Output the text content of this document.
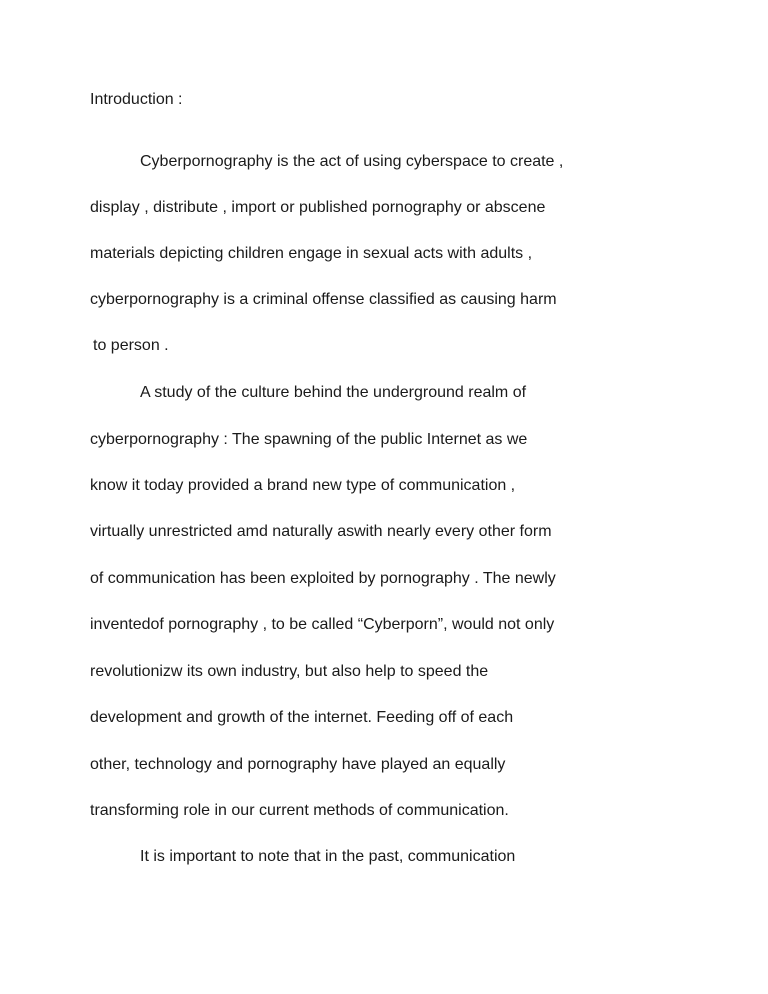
Introduction :

Cyberpornography is the act of using cyberspace to create ,

display , distribute , import or published pornography or abscene

materials depicting children engage in sexual acts with adults ,

cyberpornography is a criminal offense classified as causing harm

to person .

A study of the culture behind the underground realm of

cyberpornography : The spawning of the public Internet as we

know it today provided a brand new type of communication ,

virtually unrestricted amd naturally aswith nearly every other form

of communication has been exploited by pornography . The newly

inventedof pornography , to be called “Cyberporn”, would not only

revolutionizw its own industry, but also help to speed the

development and growth of the internet. Feeding off of each

other, technology and pornography have played an equally

transforming role in our current methods of communication.

It is important to note that in the past, communication
